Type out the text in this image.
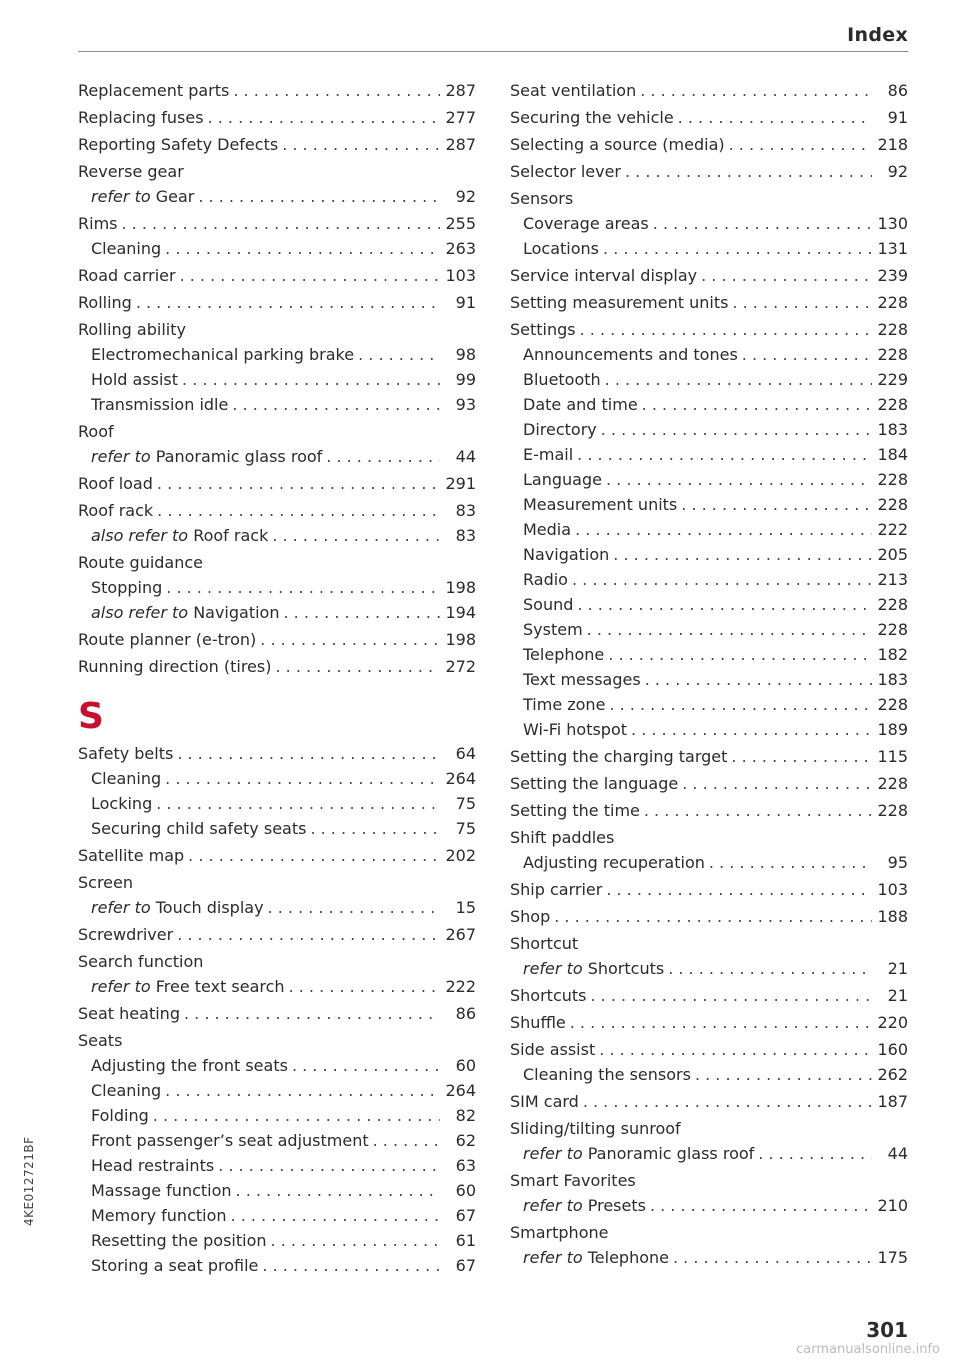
Index
Replacement parts . . .	287
Replacing fuses . . .	277
Reporting Safety Defects . . .	287
Reverse gear
refer to Gear . . .	92
Rims . . .	255
Cleaning . . .	263
Road carrier . . .	103
Rolling . . .	91
Rolling ability
Electromechanical parking brake . . .	98
Hold assist . . .	99
Transmission idle . . .	93
Roof
refer to Panoramic glass roof . . .	44
Roof load . . .	291
Roof rack . . .	83
also refer to Roof rack . . .	83
Route guidance
Stopping . . .	198
also refer to Navigation . . .	194
Route planner (e-tron) . . .	198
Running direction (tires) . . .	272
S
Safety belts . . .	64
Cleaning . . .	264
Locking . . .	75
Securing child safety seats . . .	75
Satellite map . . .	202
Screen
refer to Touch display . . .	15
Screwdriver . . .	267
Search function
refer to Free text search . . .	222
Seat heating . . .	86
Seats
Adjusting the front seats . . .	60
Cleaning . . .	264
Folding . . .	82
Front passenger’s seat adjustment . . .	62
Head restraints . . .	63
Massage function . . .	60
Memory function . . .	67
Resetting the position . . .	61
Storing a seat profile . . .	67
Seat ventilation . . .	86
Securing the vehicle . . .	91
Selecting a source (media) . . .	218
Selector lever . . .	92
Sensors
Coverage areas . . .	130
Locations . . .	131
Service interval display . . .	239
Setting measurement units . . .	228
Settings . . .	228
Announcements and tones . . .	228
Bluetooth . . .	229
Date and time . . .	228
Directory . . .	183
E-mail . . .	184
Language . . .	228
Measurement units . . .	228
Media . . .	222
Navigation . . .	205
Radio . . .	213
Sound . . .	228
System . . .	228
Telephone . . .	182
Text messages . . .	183
Time zone . . .	228
Wi-Fi hotspot . . .	189
Setting the charging target . . .	115
Setting the language . . .	228
Setting the time . . .	228
Shift paddles
Adjusting recuperation . . .	95
Ship carrier . . .	103
Shop . . .	188
Shortcut
refer to Shortcuts . . .	21
Shortcuts . . .	21
Shuffle . . .	220
Side assist . . .	160
Cleaning the sensors . . .	262
SIM card . . .	187
Sliding/tilting sunroof
refer to Panoramic glass roof . . .	44
Smart Favorites
refer to Presets . . .	210
Smartphone
refer to Telephone . . .	175
4KE012721BF
301
carmanualsonline.info
